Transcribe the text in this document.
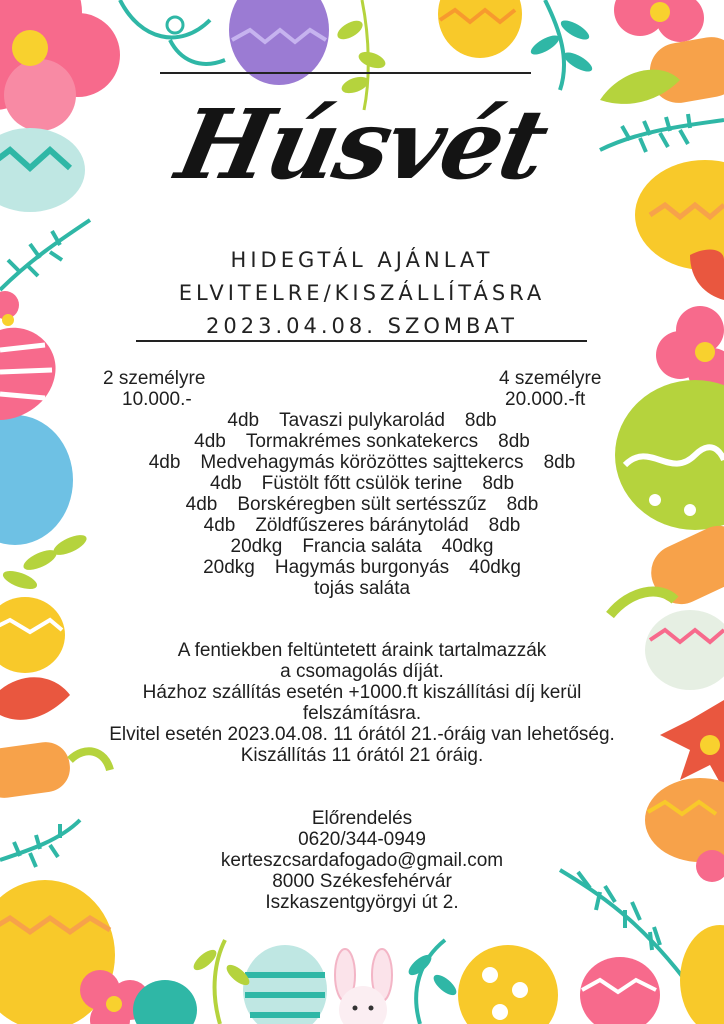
Húsvét
HIDEGTÁL AJÁNLAT
ELVITELRE/KISZÁLLÍTÁSRA
2023.04.08. SZOMBAT
2 személyre
10.000.-
4 személyre
20.000.-ft
4db Tavaszi pulykarolád 8db
4db Tormakrémes sonkatekercs 8db
4db Medvehagymás körözöttes sajttekercs 8db
4db Füstölt főtt csülök terine 8db
4db Borskéregben sült sertésszűz 8db
4db Zöldfűszeres báránytolád 8db
20dkg Francia saláta 40dkg
20dkg Hagymás burgonyás 40dkg
tojás saláta
A fentiekben feltüntetett áraink tartalmazzák
a csomagolás díját.
Házhoz szállítás esetén +1000.ft kiszállítási díj kerül
felszámításra.
Elvitel esetén 2023.04.08. 11 órától 21.-óráig van lehetőség.
Kiszállítás 11 órától 21 óráig.
Előrendelés
0620/344-0949
kerteszcsardafogado@gmail.com
8000 Székesfehérvár
Iszkaszentgyörgyi út 2.
